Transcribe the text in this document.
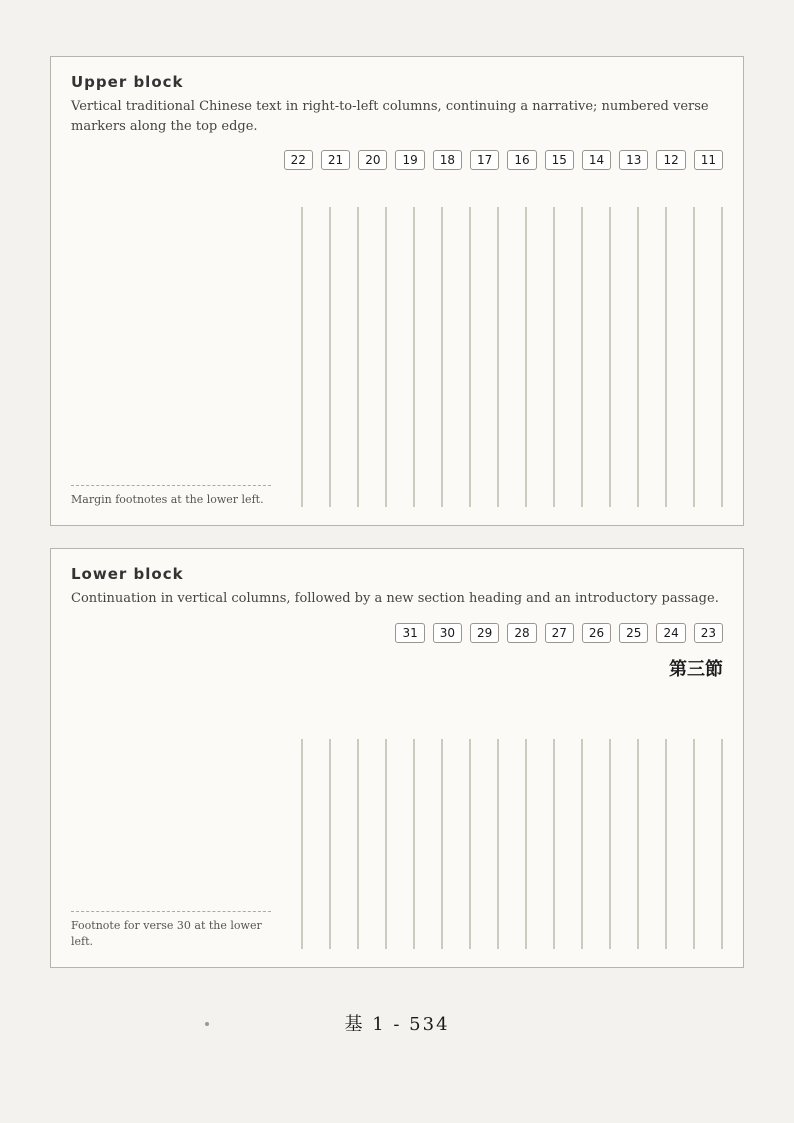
Upper block
Vertical traditional Chinese text in right-to-left columns, continuing a narrative; numbered verse markers along the top edge.
11
12
13
14
15
16
17
18
19
20
21
22
Margin footnotes at the lower left.
Lower block
Continuation in vertical columns, followed by a new section heading and an introductory passage.
23
24
25
26
27
28
29
30
31
第三節
Footnote for verse 30 at the lower left.
基 1 - 534
